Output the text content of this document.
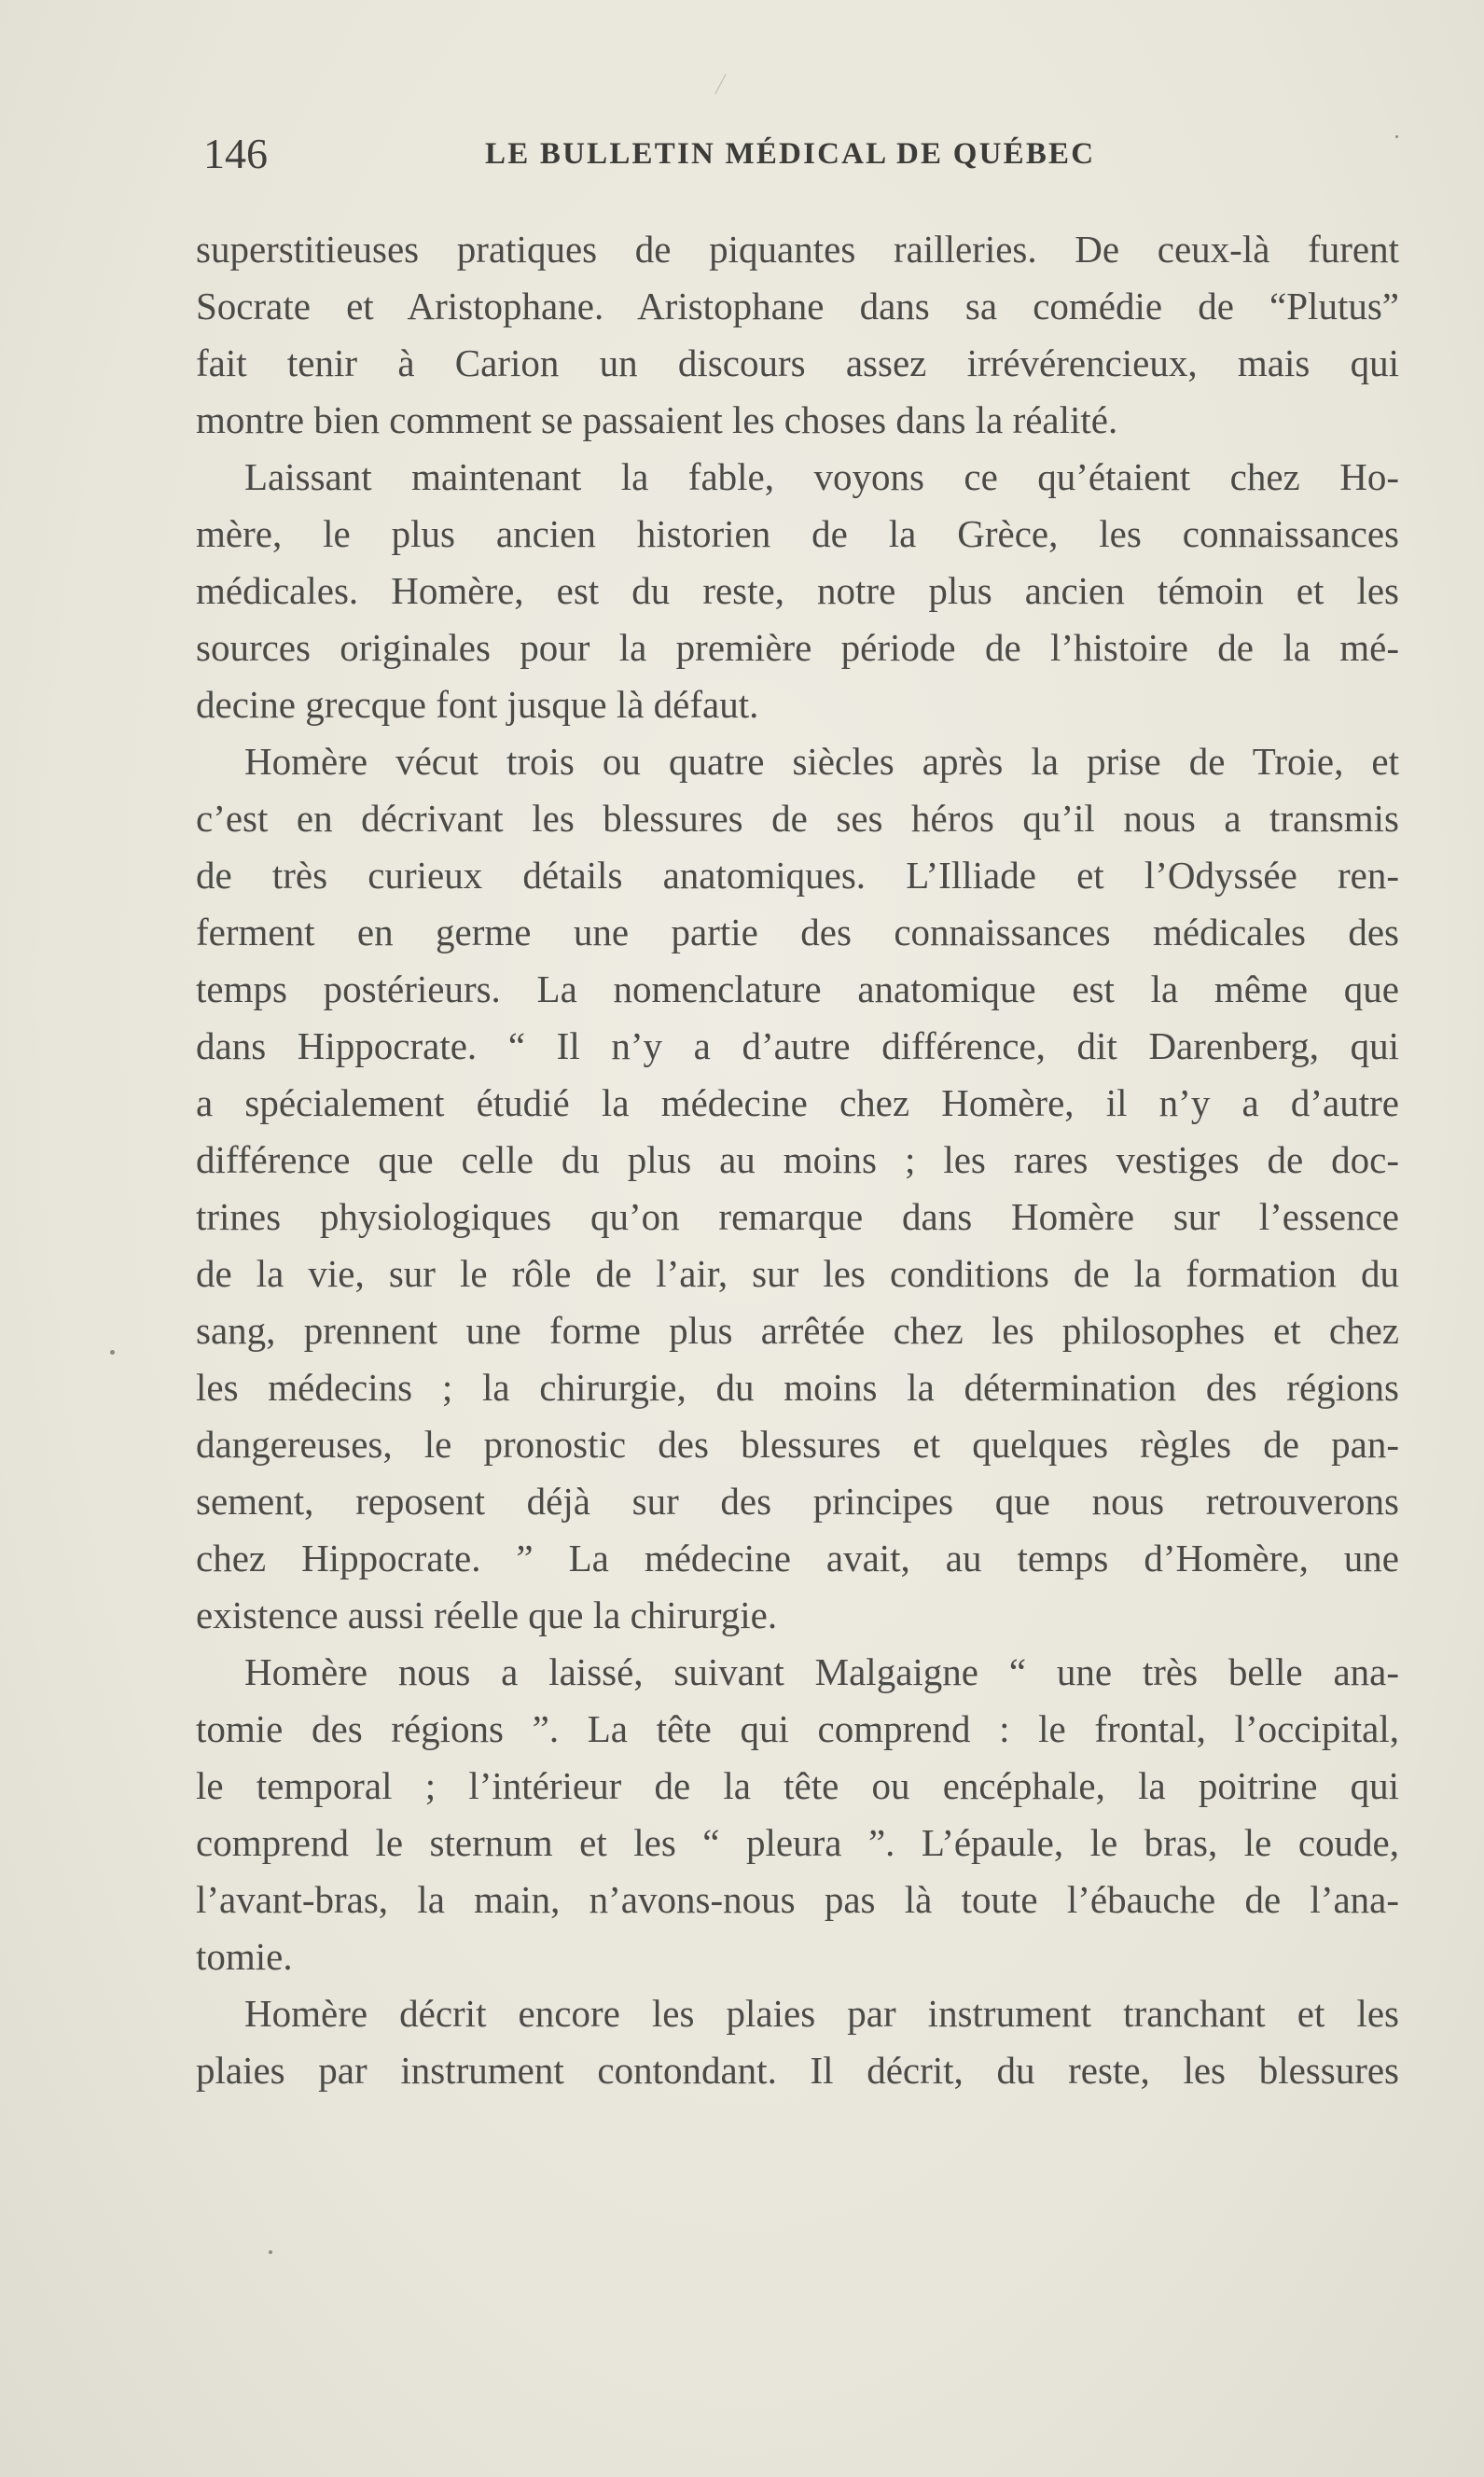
146	LE BULLETIN MÉDICAL DE QUÉBEC
superstitieuses pratiques de piquantes railleries. De ceux-là furent
Socrate et Aristophane. Aristophane dans sa comédie de “Plutus”
fait tenir à Carion un discours assez irrévérencieux, mais qui
montre bien comment se passaient les choses dans la réalité.
Laissant maintenant la fable, voyons ce qu’étaient chez Ho-
mère, le plus ancien historien de la Grèce, les connaissances
médicales. Homère, est du reste, notre plus ancien témoin et les
sources originales pour la première période de l’histoire de la mé-
decine grecque font jusque là défaut.
Homère vécut trois ou quatre siècles après la prise de Troie, et
c’est en décrivant les blessures de ses héros qu’il nous a transmis
de très curieux détails anatomiques. L’Illiade et l’Odyssée ren-
ferment en germe une partie des connaissances médicales des
temps postérieurs. La nomenclature anatomique est la même que
dans Hippocrate. “ Il n’y a d’autre différence, dit Darenberg, qui
a spécialement étudié la médecine chez Homère, il n’y a d’autre
différence que celle du plus au moins ; les rares vestiges de doc-
trines physiologiques qu’on remarque dans Homère sur l’essence
de la vie, sur le rôle de l’air, sur les conditions de la formation du
sang, prennent une forme plus arrêtée chez les philosophes et chez
les médecins ; la chirurgie, du moins la détermination des régions
dangereuses, le pronostic des blessures et quelques règles de pan-
sement, reposent déjà sur des principes que nous retrouverons
chez Hippocrate. ” La médecine avait, au temps d’Homère, une
existence aussi réelle que la chirurgie.
Homère nous a laissé, suivant Malgaigne “ une très belle ana-
tomie des régions ”. La tête qui comprend : le frontal, l’occipital,
le temporal ; l’intérieur de la tête ou encéphale, la poitrine qui
comprend le sternum et les “ pleura ”. L’épaule, le bras, le coude,
l’avant-bras, la main, n’avons-nous pas là toute l’ébauche de l’ana-
tomie.
Homère décrit encore les plaies par instrument tranchant et les
plaies par instrument contondant. Il décrit, du reste, les blessures
